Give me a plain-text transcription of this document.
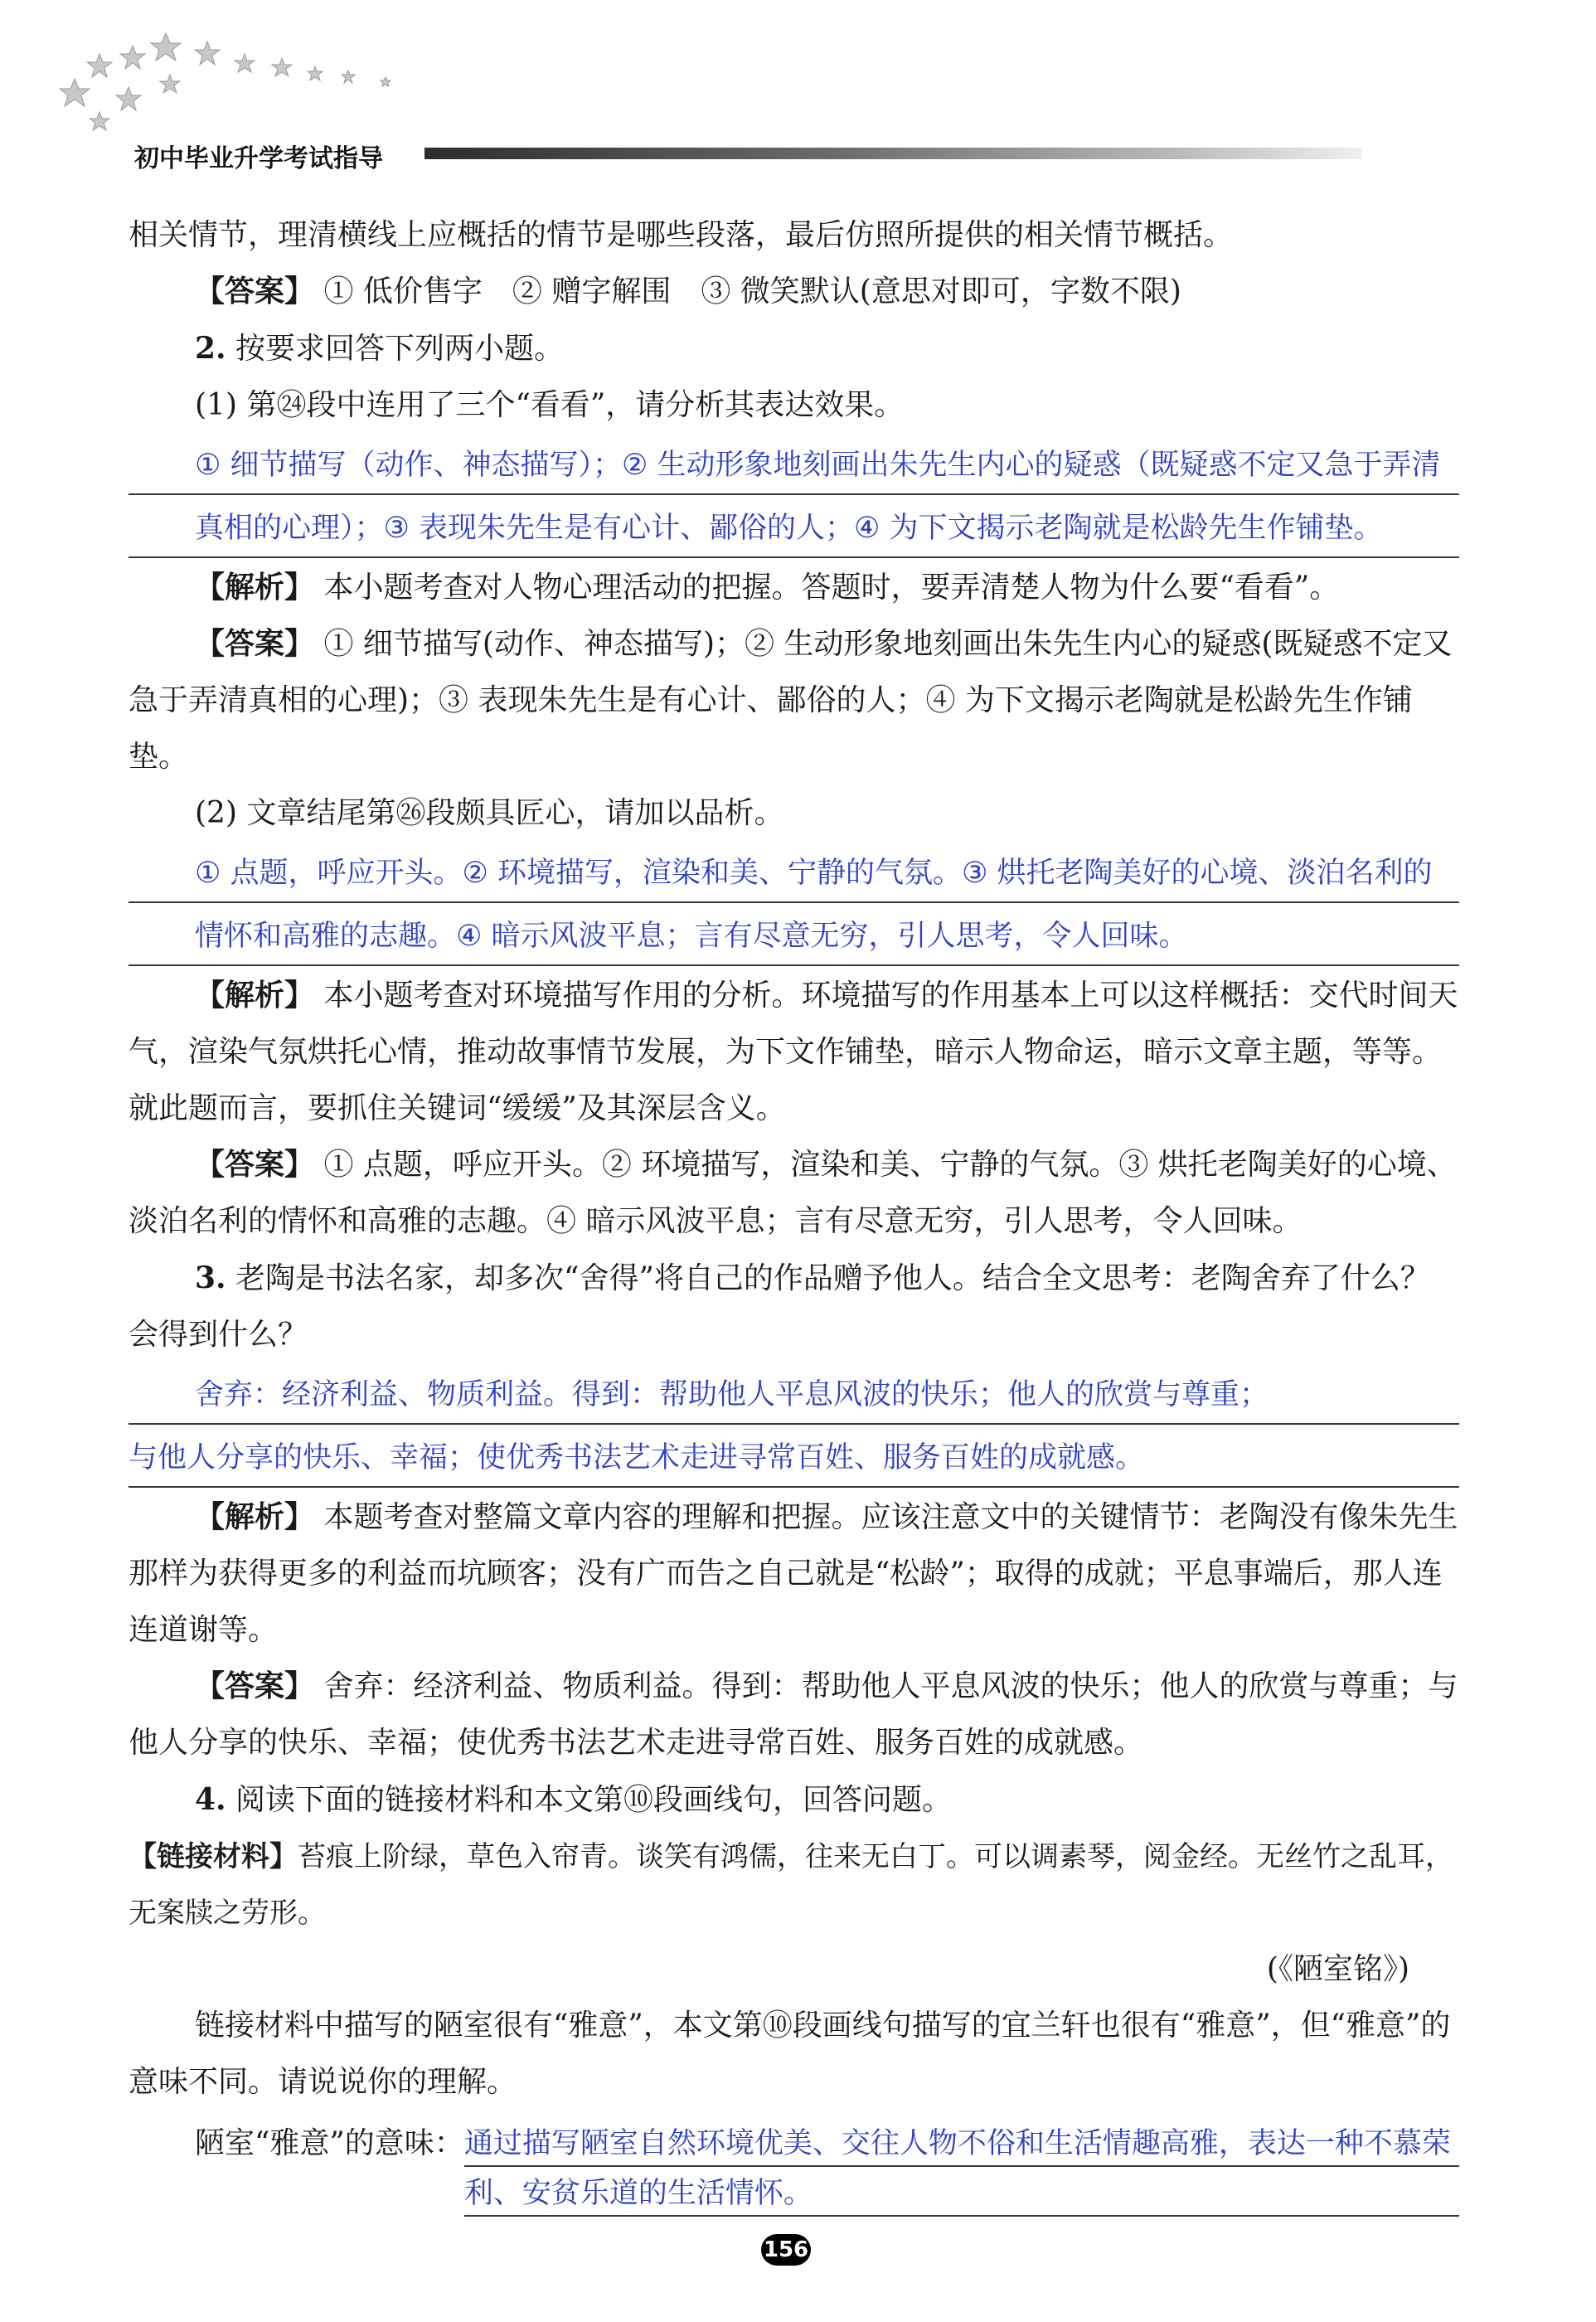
初中毕业升学考试指导

相关情节，理清横线上应概括的情节是哪些段落，最后仿照所提供的相关情节概括。

【答案】 ① 低价售字　② 赠字解围　③ 微笑默认(意思对即可，字数不限)

2. 按要求回答下列两小题。

(1) 第㉔段中连用了三个“看看”，请分析其表达效果。

① 细节描写（动作、神态描写）；② 生动形象地刻画出朱先生内心的疑惑（既疑惑不定又急于弄清真相的心理）；③ 表现朱先生是有心计、鄙俗的人；④ 为下文揭示老陶就是松龄先生作铺垫。

【解析】 本小题考查对人物心理活动的把握。答题时，要弄清楚人物为什么要“看看”。

【答案】 ① 细节描写(动作、神态描写)；② 生动形象地刻画出朱先生内心的疑惑(既疑惑不定又急于弄清真相的心理)；③ 表现朱先生是有心计、鄙俗的人；④ 为下文揭示老陶就是松龄先生作铺垫。

(2) 文章结尾第㉖段颇具匠心，请加以品析。

① 点题，呼应开头。② 环境描写，渲染和美、宁静的气氛。③ 烘托老陶美好的心境、淡泊名利的情怀和高雅的志趣。④ 暗示风波平息；言有尽意无穷，引人思考，令人回味。

【解析】 本小题考查对环境描写作用的分析。环境描写的作用基本上可以这样概括：交代时间天气，渲染气氛烘托心情，推动故事情节发展，为下文作铺垫，暗示人物命运，暗示文章主题，等等。就此题而言，要抓住关键词“缓缓”及其深层含义。

【答案】 ① 点题，呼应开头。② 环境描写，渲染和美、宁静的气氛。③ 烘托老陶美好的心境、淡泊名利的情怀和高雅的志趣。④ 暗示风波平息；言有尽意无穷，引人思考，令人回味。

3. 老陶是书法名家，却多次“舍得”将自己的作品赠予他人。结合全文思考：老陶舍弃了什么？会得到什么？

舍弃：经济利益、物质利益。得到：帮助他人平息风波的快乐；他人的欣赏与尊重；

与他人分享的快乐、幸福；使优秀书法艺术走进寻常百姓、服务百姓的成就感。

【解析】 本题考查对整篇文章内容的理解和把握。应该注意文中的关键情节：老陶没有像朱先生那样为获得更多的利益而坑顾客；没有广而告之自己就是“松龄”；取得的成就；平息事端后，那人连连道谢等。

【答案】 舍弃：经济利益、物质利益。得到：帮助他人平息风波的快乐；他人的欣赏与尊重；与他人分享的快乐、幸福；使优秀书法艺术走进寻常百姓、服务百姓的成就感。

4. 阅读下面的链接材料和本文第⑩段画线句，回答问题。

【链接材料】苔痕上阶绿，草色入帘青。谈笑有鸿儒，往来无白丁。可以调素琴，阅金经。无丝竹之乱耳，无案牍之劳形。

(《陋室铭》)

链接材料中描写的陋室很有“雅意”，本文第⑩段画线句描写的宜兰轩也很有“雅意”，但“雅意”的意味不同。请说说你的理解。

陋室“雅意”的意味： 通过描写陋室自然环境优美、交往人物不俗和生活情趣高雅，表达一种不慕荣利、安贫乐道的生活情怀。
156
